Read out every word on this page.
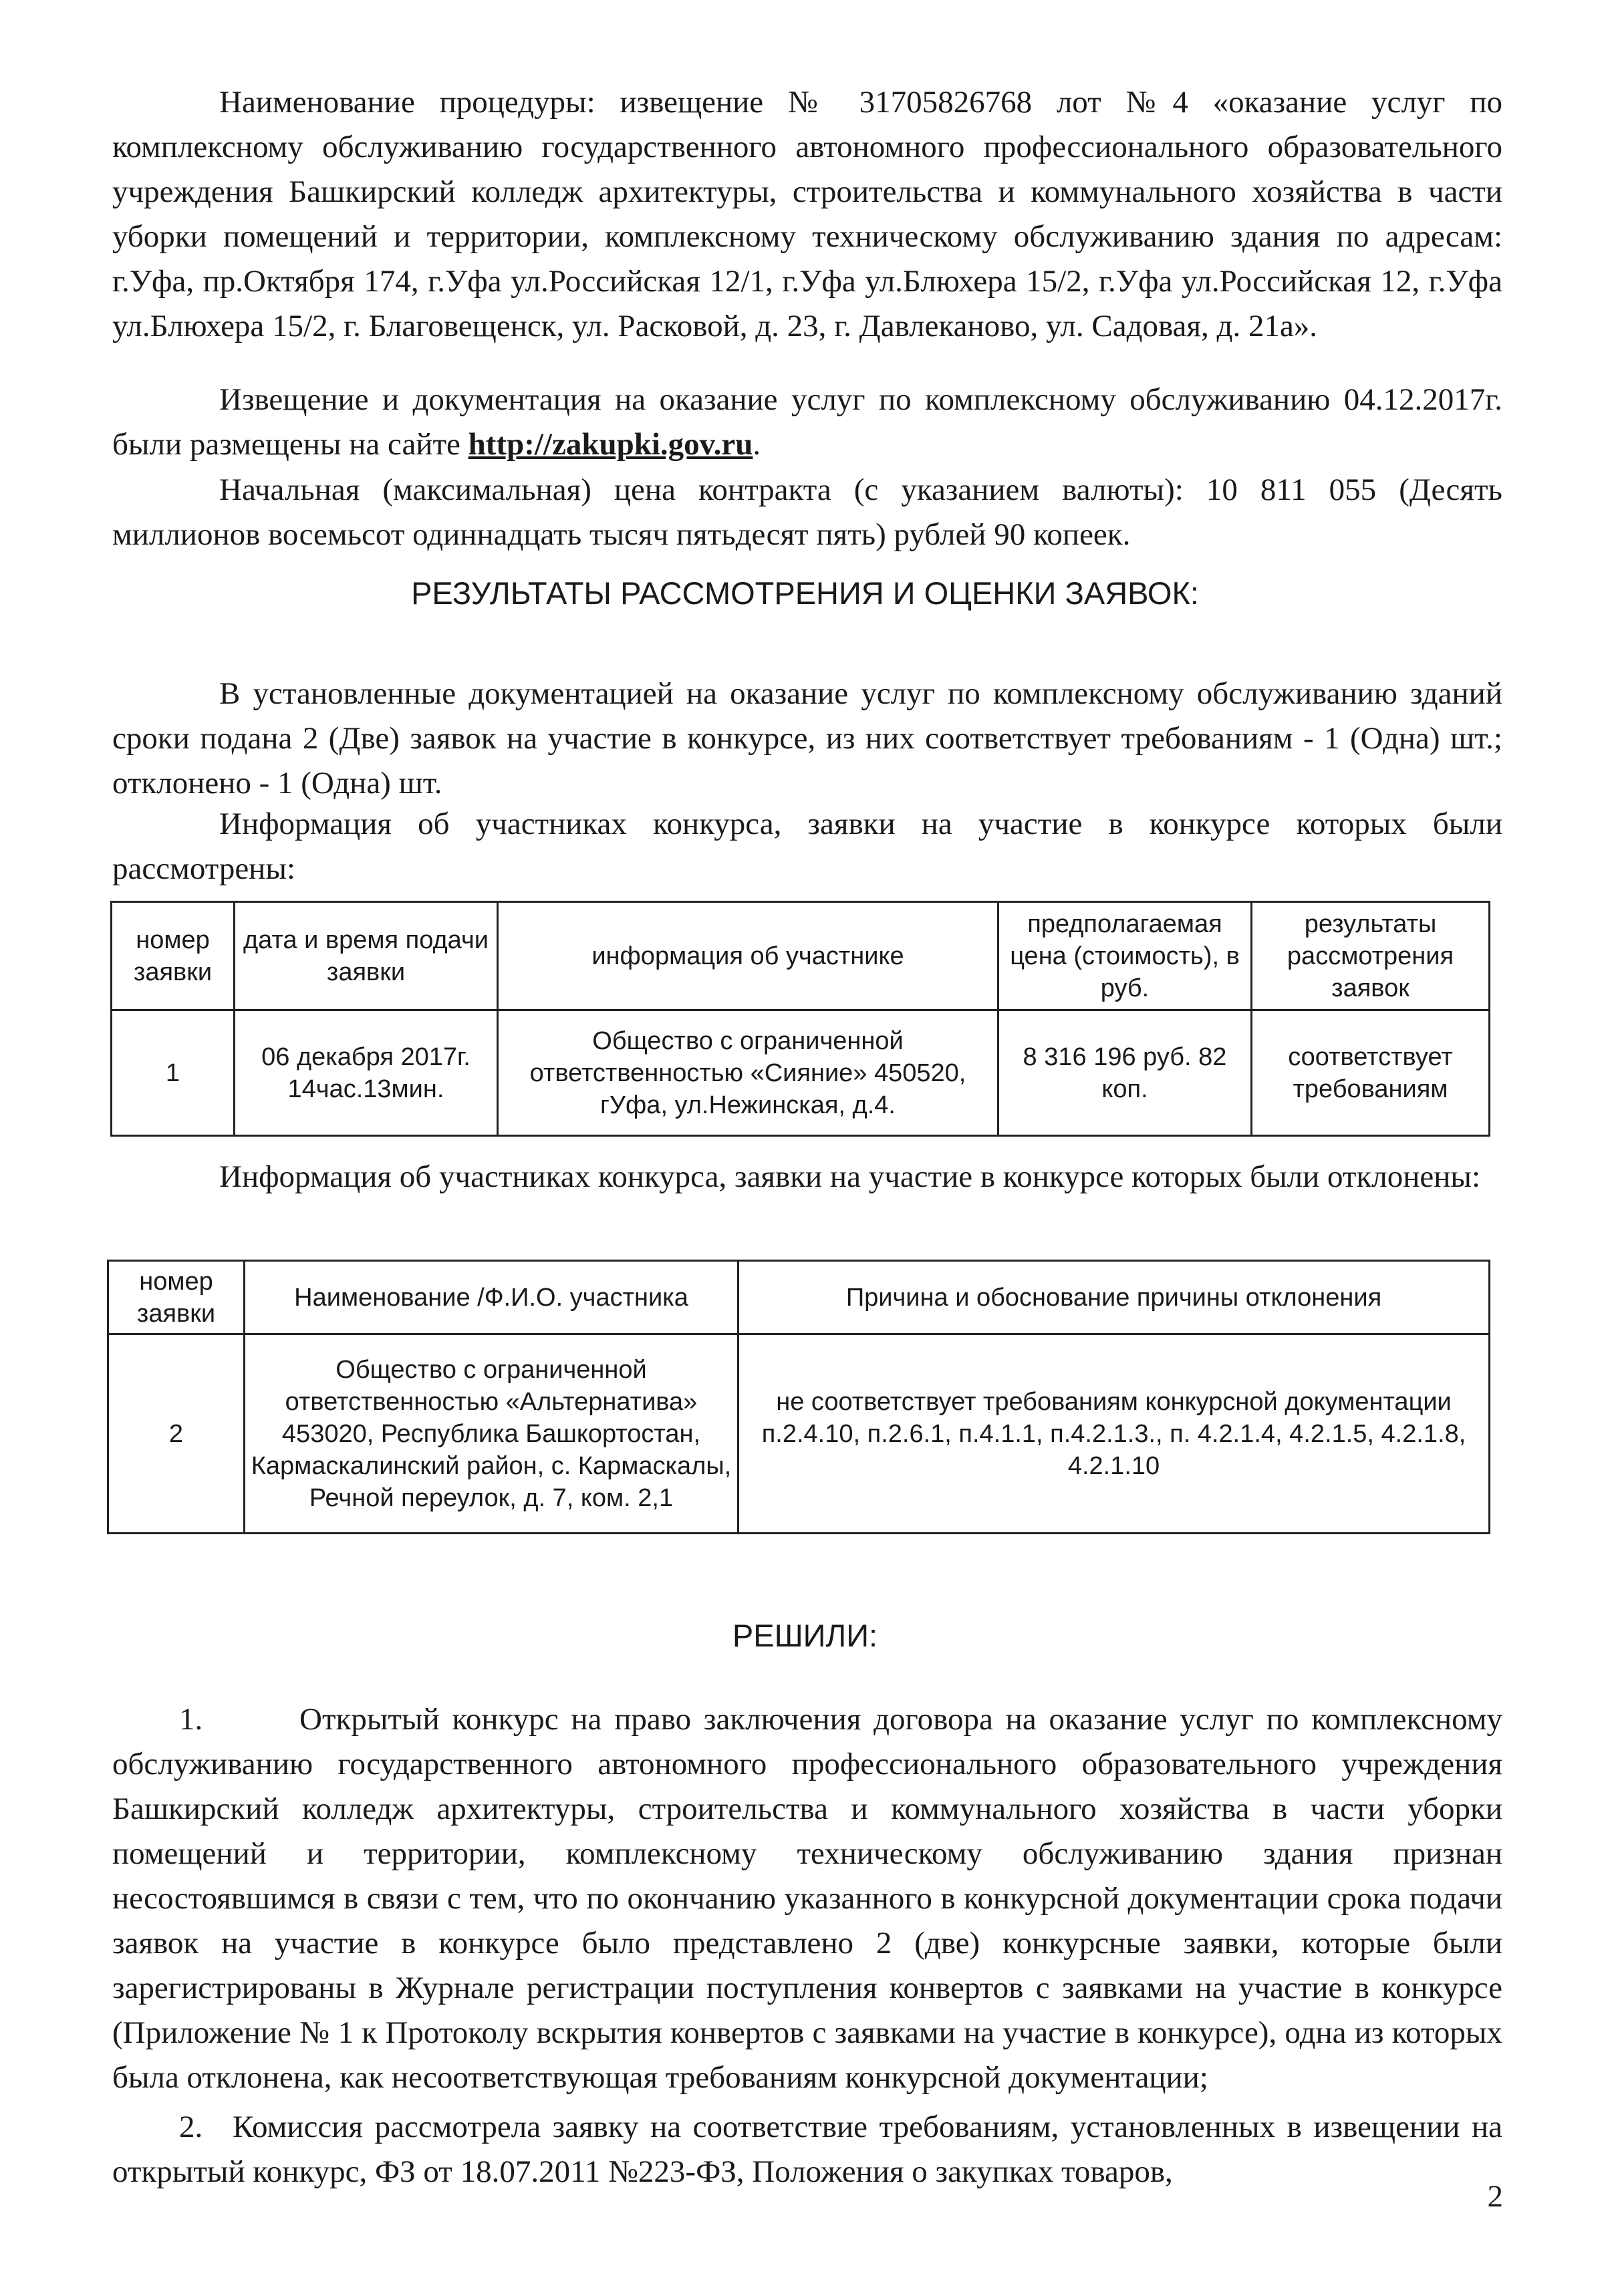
Наименование процедуры: извещение № 31705826768 лот №4 «оказание услуг по комплексному обслуживанию государственного автономного профессионального образовательного учреждения Башкирский колледж архитектуры, строительства и коммунального хозяйства в части уборки помещений и территории, комплексному техническому обслуживанию здания по адресам: г.Уфа, пр.Октября 174, г.Уфа ул.Российская 12/1, г.Уфа ул.Блюхера 15/2, г.Уфа ул.Российская 12, г.Уфа ул.Блюхера 15/2, г. Благовещенск, ул. Расковой, д. 23, г. Давлеканово, ул. Садовая, д. 21а».
Извещение и документация на оказание услуг по комплексному обслуживанию 04.12.2017г. были размещены на сайте http://zakupki.gov.ru.
Начальная (максимальная) цена контракта (с указанием валюты): 10 811 055 (Десять миллионов восемьсот одиннадцать тысяч пятьдесят пять) рублей 90 копеек.
РЕЗУЛЬТАТЫ РАССМОТРЕНИЯ И ОЦЕНКИ ЗАЯВОК:
В установленные документацией на оказание услуг по комплексному обслуживанию зданий сроки подана 2 (Две) заявок на участие в конкурсе, из них соответствует требованиям - 1 (Одна) шт.; отклонено - 1 (Одна) шт.
Информация об участниках конкурса, заявки на участие в конкурсе которых были рассмотрены:
номер заявки	дата и время подачи заявки	информация об участнике	предполагаемая цена (стоимость), в руб.	результаты рассмотрения заявок
1	06 декабря 2017г. 14час.13мин.	Общество с ограниченной ответственностью «Сияние» 450520, гУфа, ул.Нежинская, д.4.	8 316 196 руб. 82 коп.	соответствует требованиям
Информация об участниках конкурса, заявки на участие в конкурсе которых были отклонены:
номер заявки	Наименование /Ф.И.О. участника	Причина и обоснование причины отклонения
2	Общество с ограниченной ответственностью «Альтернатива» 453020, Республика Башкортостан, Кармаскалинский район, с. Кармаскалы, Речной переулок, д. 7, ком. 2,1	не соответствует требованиям конкурсной документации п.2.4.10, п.2.6.1, п.4.1.1, п.4.2.1.3., п. 4.2.1.4, 4.2.1.5, 4.2.1.8, 4.2.1.10
РЕШИЛИ:
1.	Открытый конкурс на право заключения договора на оказание услуг по комплексному обслуживанию государственного автономного профессионального образовательного учреждения Башкирский колледж архитектуры, строительства и коммунального хозяйства в части уборки помещений и территории, комплексному техническому обслуживанию здания признан несостоявшимся в связи с тем, что по окончанию указанного в конкурсной документации срока подачи заявок на участие в конкурсе было представлено 2 (две) конкурсные заявки, которые были зарегистрированы в Журнале регистрации поступления конвертов с заявками на участие в конкурсе (Приложение № 1 к Протоколу вскрытия конвертов с заявками на участие в конкурсе), одна из которых была отклонена, как несоответствующая требованиям конкурсной документации;
2. Комиссия рассмотрела заявку на соответствие требованиям, установленных в извещении на открытый конкурс, ФЗ от 18.07.2011 №223-ФЗ, Положения о закупках товаров,
2
